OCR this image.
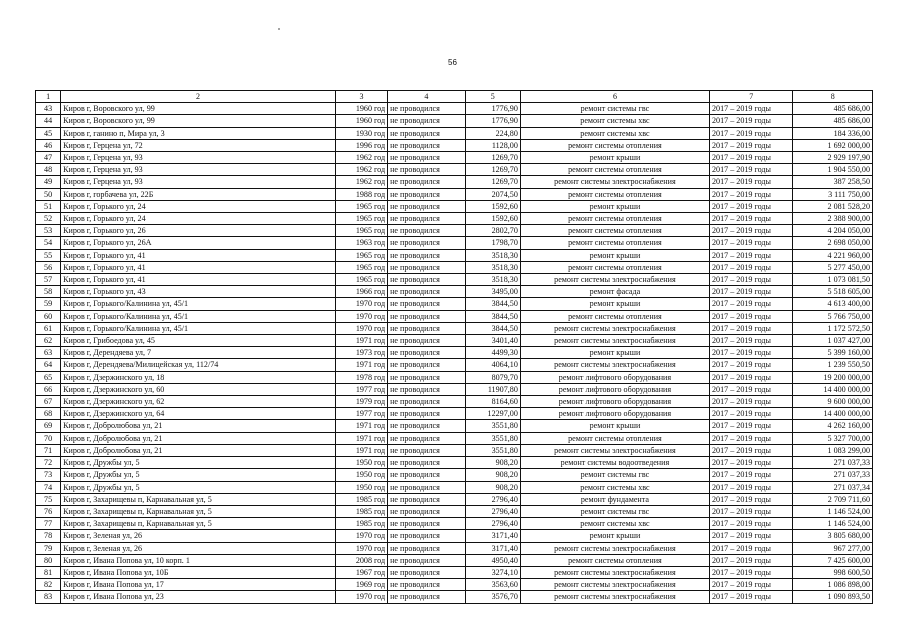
56
1	2	3	4	5	6	7	8
43	Киров г, Воровского ул, 99	1960 год	не проводился	1776,90	ремонт системы гвс	2017 – 2019 годы	485 686,00
44	Киров г, Воровского ул, 99	1960 год	не проводился	1776,90	ремонт системы хвс	2017 – 2019 годы	485 686,00
45	Киров г, ганино п, Мира ул, 3	1930 год	не проводился	224,80	ремонт системы хвс	2017 – 2019 годы	184 336,00
46	Киров г, Герцена ул, 72	1996 год	не проводился	1128,00	ремонт системы отопления	2017 – 2019 годы	1 692 000,00
47	Киров г, Герцена ул, 93	1962 год	не проводился	1269,70	ремонт крыши	2017 – 2019 годы	2 929 197,90
48	Киров г, Герцена ул, 93	1962 год	не проводился	1269,70	ремонт системы отопления	2017 – 2019 годы	1 904 550,00
49	Киров г, Герцена ул, 93	1962 год	не проводился	1269,70	ремонт системы электроснабжения	2017 – 2019 годы	387 258,50
50	Киров г, горбачева ул, 22Б	1988 год	не проводился	2074,50	ремонт системы отопления	2017 – 2019 годы	3 111 750,00
51	Киров г, Горького ул, 24	1965 год	не проводился	1592,60	ремонт крыши	2017 – 2019 годы	2 081 528,20
52	Киров г, Горького ул, 24	1965 год	не проводился	1592,60	ремонт системы отопления	2017 – 2019 годы	2 388 900,00
53	Киров г, Горького ул, 26	1965 год	не проводился	2802,70	ремонт системы отопления	2017 – 2019 годы	4 204 050,00
54	Киров г, Горького ул, 26А	1963 год	не проводился	1798,70	ремонт системы отопления	2017 – 2019 годы	2 698 050,00
55	Киров г, Горького ул, 41	1965 год	не проводился	3518,30	ремонт крыши	2017 – 2019 годы	4 221 960,00
56	Киров г, Горького ул, 41	1965 год	не проводился	3518,30	ремонт системы отопления	2017 – 2019 годы	5 277 450,00
57	Киров г, Горького ул, 41	1965 год	не проводился	3518,30	ремонт системы электроснабжения	2017 – 2019 годы	1 073 081,50
58	Киров г, Горького ул, 43	1966 год	не проводился	3495,00	ремонт фасада	2017 – 2019 годы	5 518 605,00
59	Киров г, Горького/Калинина ул, 45/1	1970 год	не проводился	3844,50	ремонт крыши	2017 – 2019 годы	4 613 400,00
60	Киров г, Горького/Калинина ул, 45/1	1970 год	не проводился	3844,50	ремонт системы отопления	2017 – 2019 годы	5 766 750,00
61	Киров г, Горького/Калинина ул, 45/1	1970 год	не проводился	3844,50	ремонт системы электроснабжения	2017 – 2019 годы	1 172 572,50
62	Киров г, Грибоедова ул, 45	1971 год	не проводился	3401,40	ремонт системы электроснабжения	2017 – 2019 годы	1 037 427,00
63	Киров г, Дерендяева ул, 7	1973 год	не проводился	4499,30	ремонт крыши	2017 – 2019 годы	5 399 160,00
64	Киров г, Дерендяева/Милицейская ул, 112/74	1971 год	не проводился	4064,10	ремонт системы электроснабжения	2017 – 2019 годы	1 239 550,50
65	Киров г, Дзержинского ул, 18	1978 год	не проводился	8079,70	ремонт лифтового оборудования	2017 – 2019 годы	19 200 000,00
66	Киров г, Дзержинского ул, 60	1977 год	не проводился	11907,80	ремонт лифтового оборудования	2017 – 2019 годы	14 400 000,00
67	Киров г, Дзержинского ул, 62	1979 год	не проводился	8164,60	ремонт лифтового оборудования	2017 – 2019 годы	9 600 000,00
68	Киров г, Дзержинского ул, 64	1977 год	не проводился	12297,00	ремонт лифтового оборудования	2017 – 2019 годы	14 400 000,00
69	Киров г, Добролюбова ул, 21	1971 год	не проводился	3551,80	ремонт крыши	2017 – 2019 годы	4 262 160,00
70	Киров г, Добролюбова ул, 21	1971 год	не проводился	3551,80	ремонт системы отопления	2017 – 2019 годы	5 327 700,00
71	Киров г, Добролюбова ул, 21	1971 год	не проводился	3551,80	ремонт системы электроснабжения	2017 – 2019 годы	1 083 299,00
72	Киров г, Дружбы ул, 5	1950 год	не проводился	908,20	ремонт системы водоотведения	2017 – 2019 годы	271 037,33
73	Киров г, Дружбы ул, 5	1950 год	не проводился	908,20	ремонт системы гвс	2017 – 2019 годы	271 037,33
74	Киров г, Дружбы ул, 5	1950 год	не проводился	908,20	ремонт системы хвс	2017 – 2019 годы	271 037,34
75	Киров г, Захарищевы п, Карнавальная ул, 5	1985 год	не проводился	2796,40	ремонт фундамента	2017 – 2019 годы	2 709 711,60
76	Киров г, Захарищевы п, Карнавальная ул, 5	1985 год	не проводился	2796,40	ремонт системы гвс	2017 – 2019 годы	1 146 524,00
77	Киров г, Захарищевы п, Карнавальная ул, 5	1985 год	не проводился	2796,40	ремонт системы хвс	2017 – 2019 годы	1 146 524,00
78	Киров г, Зеленая ул, 26	1970 год	не проводился	3171,40	ремонт крыши	2017 – 2019 годы	3 805 680,00
79	Киров г, Зеленая ул, 26	1970 год	не проводился	3171,40	ремонт системы электроснабжения	2017 – 2019 годы	967 277,00
80	Киров г, Ивана Попова ул, 10 корп. 1	2008 год	не проводился	4950,40	ремонт системы отопления	2017 – 2019 годы	7 425 600,00
81	Киров г, Ивана Попова ул, 10Б	1967 год	не проводился	3274,10	ремонт системы электроснабжения	2017 – 2019 годы	998 600,50
82	Киров г, Ивана Попова ул, 17	1969 год	не проводился	3563,60	ремонт системы электроснабжения	2017 – 2019 годы	1 086 898,00
83	Киров г, Ивана Попова ул, 23	1970 год	не проводился	3576,70	ремонт системы электроснабжения	2017 – 2019 годы	1 090 893,50
